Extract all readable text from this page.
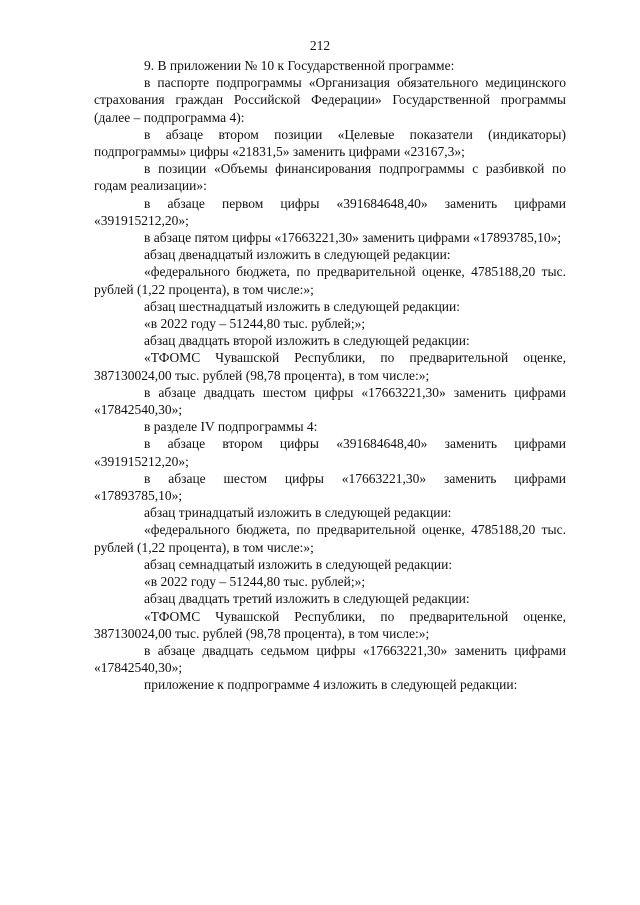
212

9. В приложении № 10 к Государственной программе:

в паспорте подпрограммы «Организация обязательного медицинского страхования граждан Российской Федерации» Государственной программы (далее – подпрограмма 4):

в абзаце втором позиции «Целевые показатели (индикаторы) подпрограммы» цифры «21831,5» заменить цифрами «23167,3»;

в позиции «Объемы финансирования подпрограммы с разбивкой по годам реализации»:

в абзаце первом цифры «391684648,40» заменить цифрами «391915212,20»;

в абзаце пятом цифры «17663221,30» заменить цифрами «17893785,10»;

абзац двенадцатый изложить в следующей редакции:

«федерального бюджета, по предварительной оценке, 4785188,20 тыс. рублей (1,22 процента), в том числе:»;

абзац шестнадцатый изложить в следующей редакции:

«в 2022 году – 51244,80 тыс. рублей;»;

абзац двадцать второй изложить в следующей редакции:

«ТФОМС Чувашской Республики, по предварительной оценке, 387130024,00 тыс. рублей (98,78 процента), в том числе:»;

в абзаце двадцать шестом цифры «17663221,30» заменить цифрами «17842540,30»;

в разделе IV подпрограммы 4:

в абзаце втором цифры «391684648,40» заменить цифрами «391915212,20»;

в абзаце шестом цифры «17663221,30» заменить цифрами «17893785,10»;

абзац тринадцатый изложить в следующей редакции:

«федерального бюджета, по предварительной оценке, 4785188,20 тыс. рублей (1,22 процента), в том числе:»;

абзац семнадцатый изложить в следующей редакции:

«в 2022 году – 51244,80 тыс. рублей;»;

абзац двадцать третий изложить в следующей редакции:

«ТФОМС Чувашской Республики, по предварительной оценке, 387130024,00 тыс. рублей (98,78 процента), в том числе:»;

в абзаце двадцать седьмом цифры «17663221,30» заменить цифрами «17842540,30»;

приложение к подпрограмме 4 изложить в следующей редакции:
